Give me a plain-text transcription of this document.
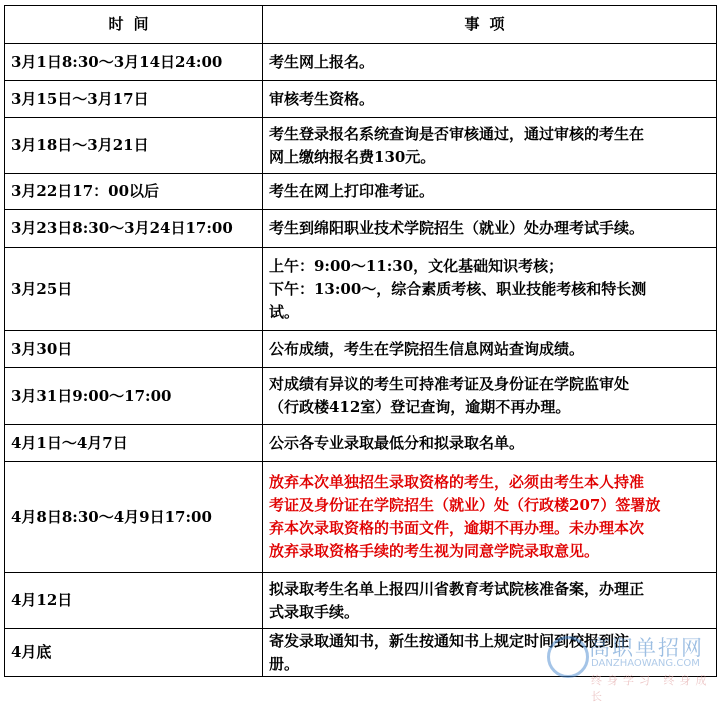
时间	事项
3月1日8:30～3月14日24:00	考生网上报名。

3月15日～3月17日	审核考生资格。

3月18日～3月21日	考生登录报名系统查询是否审核通过，通过审核的考生在
网上缴纳报名费130元。

3月22日17：00以后	考生在网上打印准考证。

3月23日8:30～3月24日17:00	考生到绵阳职业技术学院招生（就业）处办理考试手续。

3月25日	上午：9:00～11:30，文化基础知识考核；
下午：13:00～，综合素质考核、职业技能考核和特长测
试。

3月30日	公布成绩，考生在学院招生信息网站查询成绩。

3月31日9:00～17:00	对成绩有异议的考生可持准考证及身份证在学院监审处
（行政楼412室）登记查询，逾期不再办理。

4月1日～4月7日	公示各专业录取最低分和拟录取名单。

4月8日8:30～4月9日17:00	放弃本次单独招生录取资格的考生，必须由考生本人持准
考证及身份证在学院招生（就业）处（行政楼207）签署放
弃本次录取资格的书面文件，逾期不再办理。未办理本次
放弃录取资格手续的考生视为同意学院录取意见。

4月12日	拟录取考生名单上报四川省教育考试院核准备案，办理正
式录取手续。

4月底	寄发录取通知书，新生按通知书上规定时间到校报到注
册。
高职单招网
DANZHAOWANG.COM
终身学习 终身成长
